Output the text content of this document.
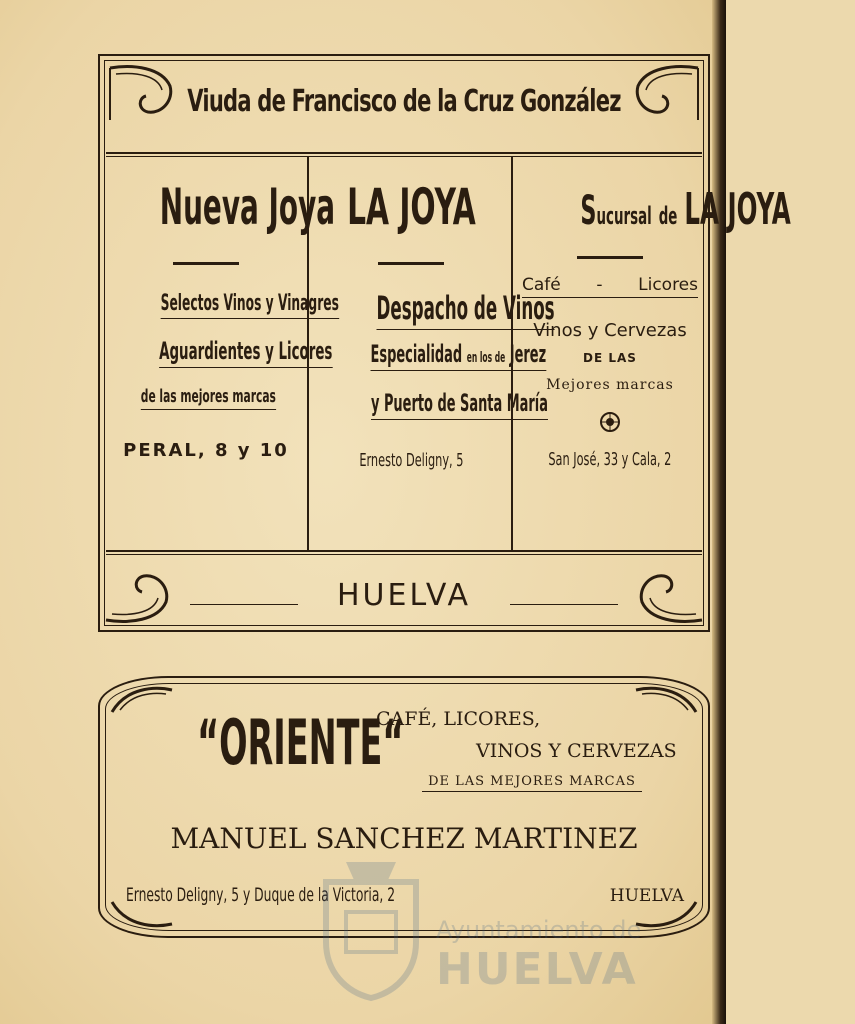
Viuda de Francisco de la Cruz González
Nueva Joya
Selectos Vinos y Vinagres
Aguardientes y Licores
de las mejores marcas
PERAL, 8 y 10
LA JOYA
Despacho de Vinos
Especialidad en los de Jerez
y Puerto de Santa María
Ernesto Deligny, 5
Sucursal de LA JOYA
Café - Licores
Vinos y Cervezas
DE LAS
Mejores marcas
San José, 33 y Cala, 2
HUELVA
“ORIENTE“
CAFÉ, LICORES,
VINOS Y CERVEZAS
DE LAS MEJORES MARCAS
MANUEL SANCHEZ MARTINEZ
Ernesto Deligny, 5 y Duque de la Victoria, 2	HUELVA
Ayuntamiento de
HUELVA
